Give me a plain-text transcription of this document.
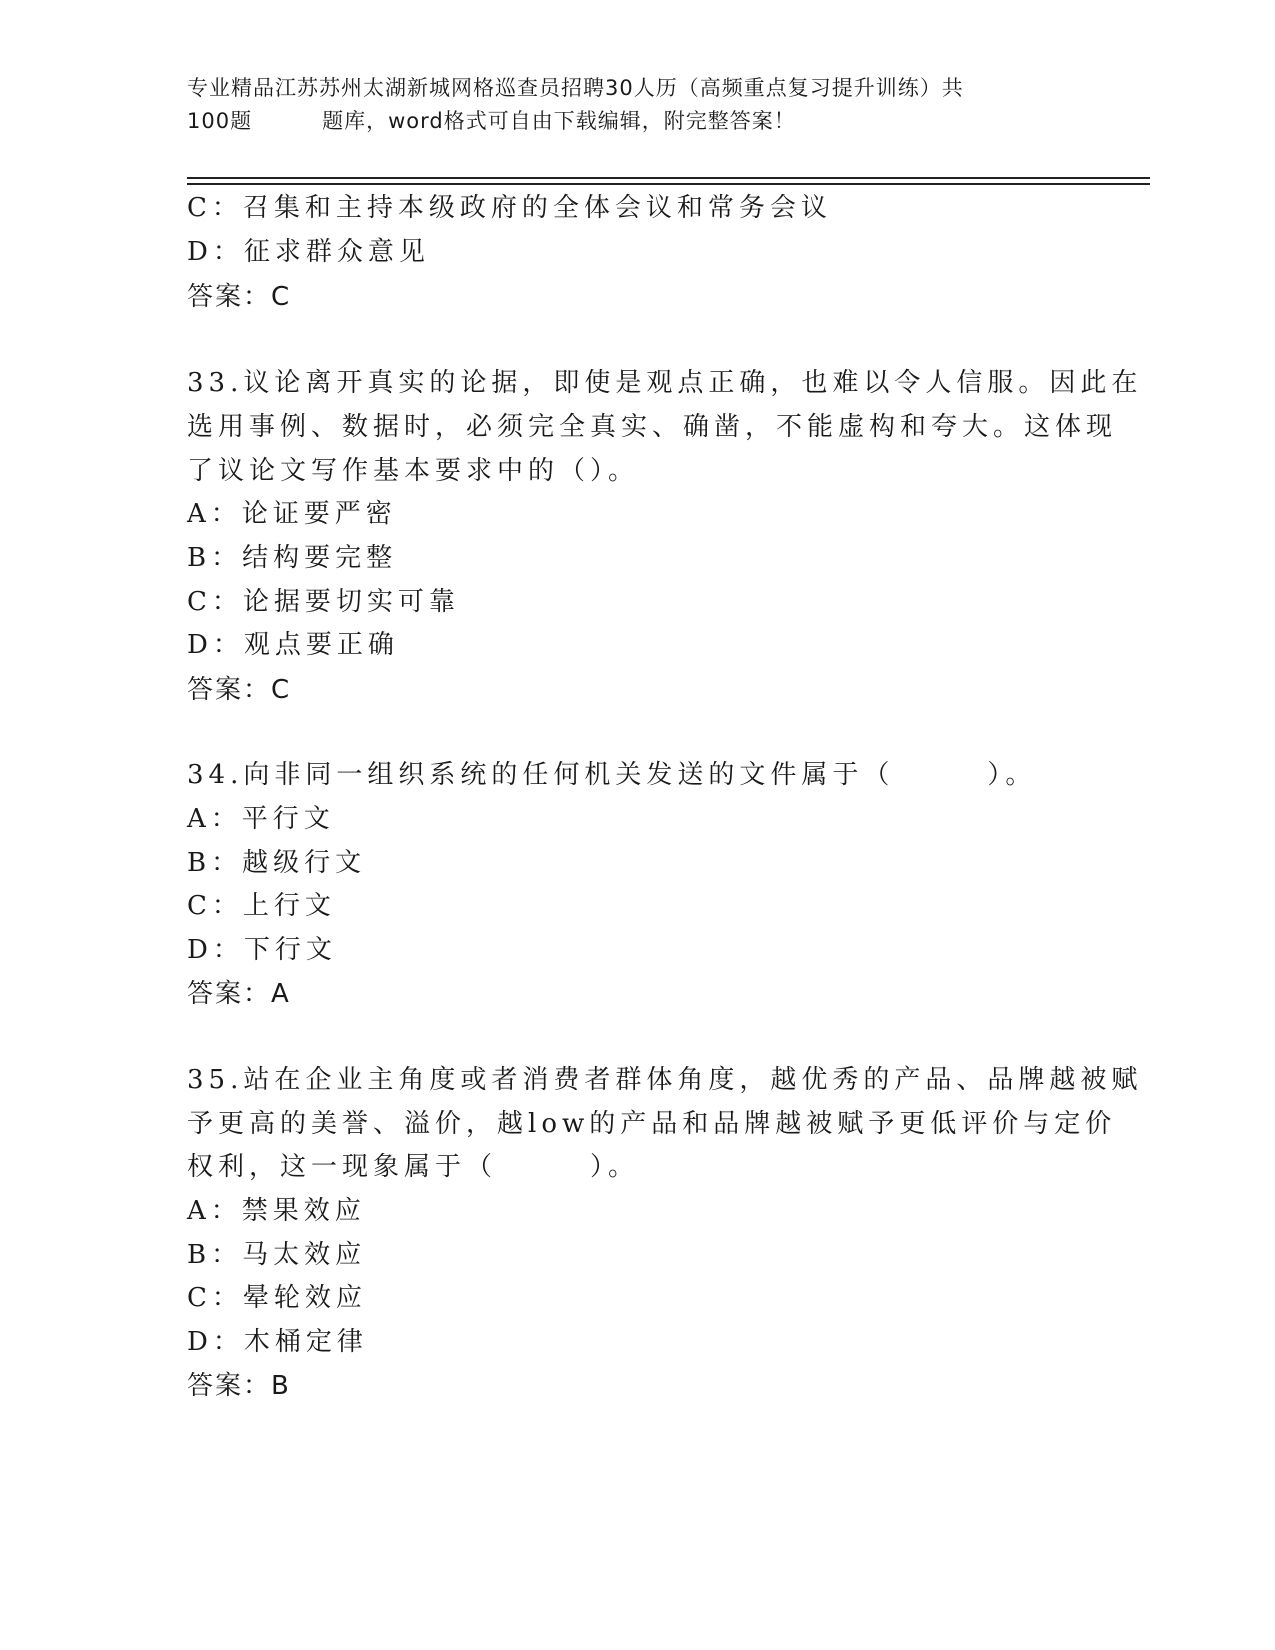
专业精品江苏苏州太湖新城网格巡查员招聘30人历（高频重点复习提升训练）共
100题	题库，word格式可自由下载编辑，附完整答案！
C：召集和主持本级政府的全体会议和常务会议
D：征求群众意见
答案：C
33.议论离开真实的论据，即使是观点正确，也难以令人信服。因此在
选用事例、数据时，必须完全真实、确凿，不能虚构和夸大。这体现
了议论文写作基本要求中的（）。
A：论证要严密
B：结构要完整
C：论据要切实可靠
D：观点要正确
答案：C
34.向非同一组织系统的任何机关发送的文件属于（　　　）。
A：平行文
B：越级行文
C：上行文
D：下行文
答案：A
35.站在企业主角度或者消费者群体角度，越优秀的产品、品牌越被赋
予更高的美誉、溢价，越low的产品和品牌越被赋予更低评价与定价
权利，这一现象属于（　　　）。
A：禁果效应
B：马太效应
C：晕轮效应
D：木桶定律
答案：B
